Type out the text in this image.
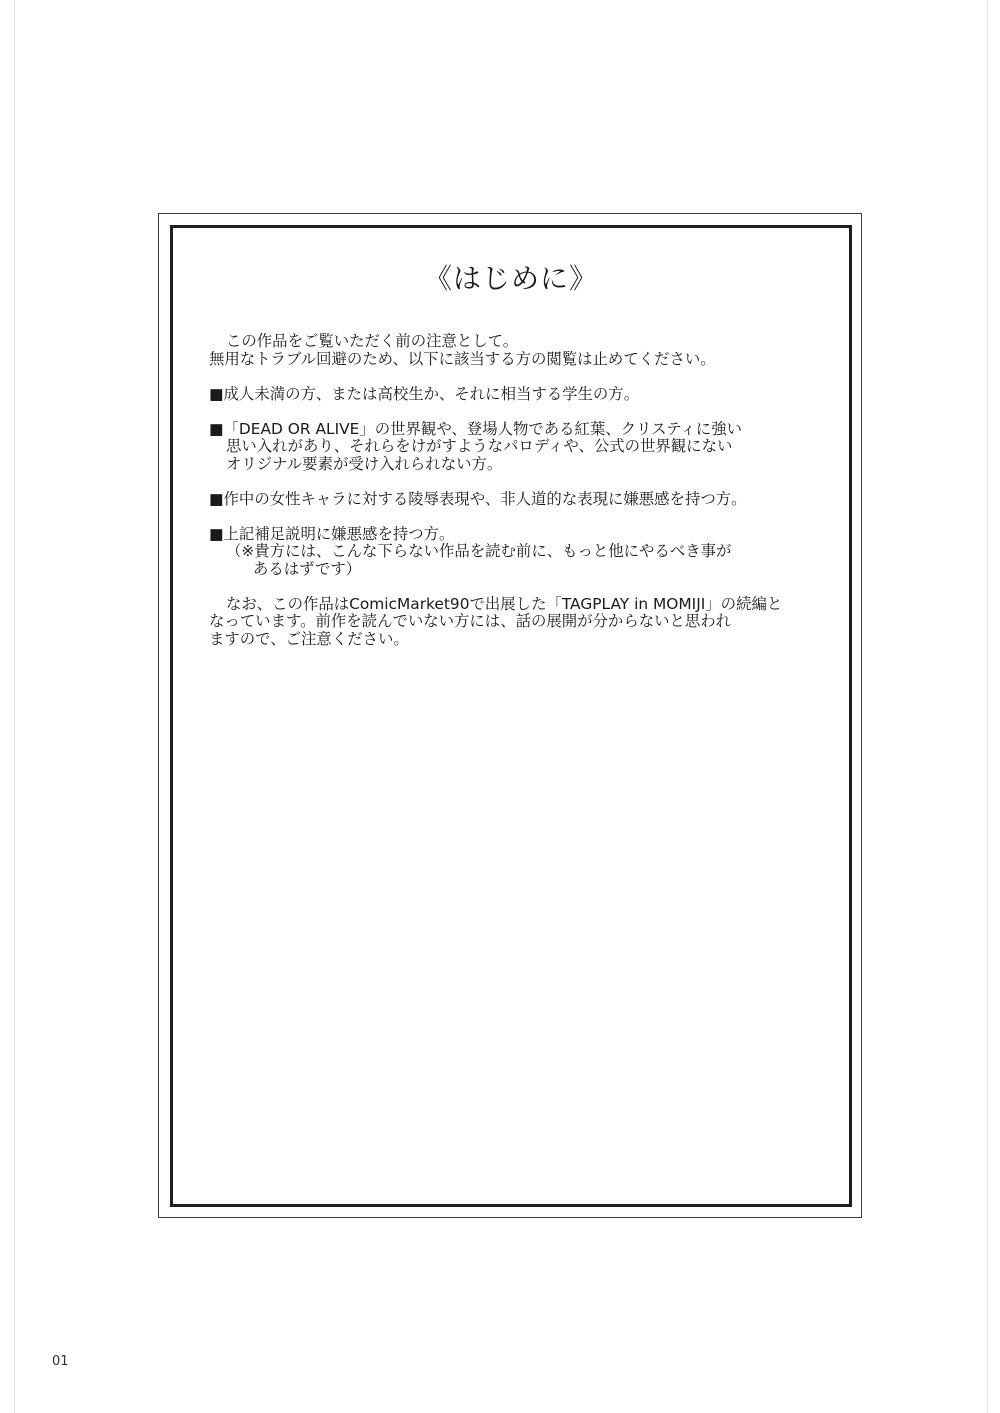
《はじめに》
この作品をご覧いただく前の注意として。
無用なトラブル回避のため、以下に該当する方の閲覧は止めてください。
■成人未満の方、または高校生か、それに相当する学生の方。
■「DEAD OR ALIVE」の世界観や、登場人物である紅葉、クリスティに強い
思い入れがあり、それらをけがすようなパロディや、公式の世界観にない
オリジナル要素が受け入れられない方。
■作中の女性キャラに対する陵辱表現や、非人道的な表現に嫌悪感を持つ方。
■上記補足説明に嫌悪感を持つ方。
（※貴方には、こんな下らない作品を読む前に、もっと他にやるべき事が
あるはずです）
なお、この作品はComicMarket90で出展した「TAGPLAY in MOMIJI」の続編と
なっています。前作を読んでいない方には、話の展開が分からないと思われ
ますので、ご注意ください。
01
